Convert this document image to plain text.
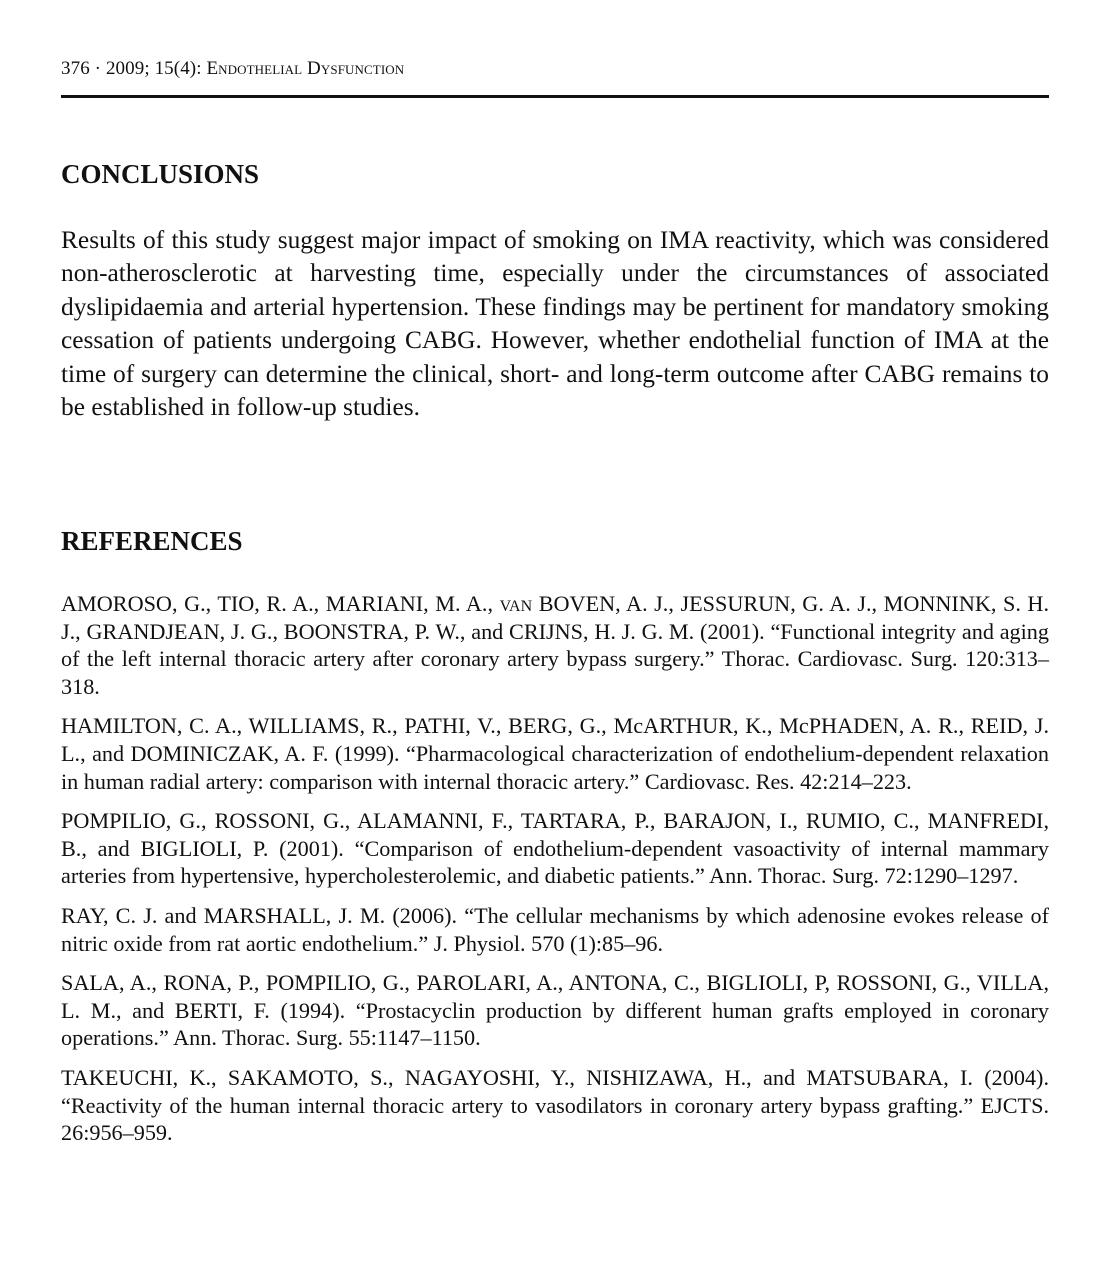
376 · 2009; 15(4): Endothelial Dysfunction
CONCLUSIONS

Results of this study suggest major impact of smoking on IMA reactivity, which was considered non-atherosclerotic at harvesting time, especially under the circumstances of associated dyslipidaemia and arterial hypertension. These findings may be pertinent for mandatory smoking cessation of patients undergoing CABG. However, whether endothelial function of IMA at the time of surgery can determine the clinical, short- and long-term outcome after CABG remains to be established in follow-up studies.

REFERENCES
AMOROSO, G., TIO, R. A., MARIANI, M. A., van BOVEN, A. J., JESSURUN, G. A. J., MONNINK, S. H. J., GRANDJEAN, J. G., BOONSTRA, P. W., and CRIJNS, H. J. G. M. (2001). “Functional integrity and aging of the left internal thoracic artery after coronary artery bypass surgery.” Thorac. Cardiovasc. Surg. 120:313–318.
HAMILTON, C. A., WILLIAMS, R., PATHI, V., BERG, G., McARTHUR, K., McPHADEN, A. R., REID, J. L., and DOMINICZAK, A. F. (1999). “Pharmacological characterization of endothelium-dependent relaxation in human radial artery: comparison with internal thoracic artery.” Cardiovasc. Res. 42:214–223.
POMPILIO, G., ROSSONI, G., ALAMANNI, F., TARTARA, P., BARAJON, I., RUMIO, C., MANFREDI, B., and BIGLIOLI, P. (2001). “Comparison of endothelium-dependent vasoactivity of internal mammary arteries from hypertensive, hypercholesterolemic, and diabetic patients.” Ann. Thorac. Surg. 72:1290–1297.
RAY, C. J. and MARSHALL, J. M. (2006). “The cellular mechanisms by which adenosine evokes release of nitric oxide from rat aortic endothelium.” J. Physiol. 570 (1):85–96.
SALA, A., RONA, P., POMPILIO, G., PAROLARI, A., ANTONA, C., BIGLIOLI, P, ROSSONI, G., VILLA, L. M., and BERTI, F. (1994). “Prostacyclin production by different human grafts employed in coronary operations.” Ann. Thorac. Surg. 55:1147–1150.
TAKEUCHI, K., SAKAMOTO, S., NAGAYOSHI, Y., NISHIZAWA, H., and MATSUBARA, I. (2004). “Reactivity of the human internal thoracic artery to vasodilators in coronary artery bypass grafting.” EJCTS. 26:956–959.
